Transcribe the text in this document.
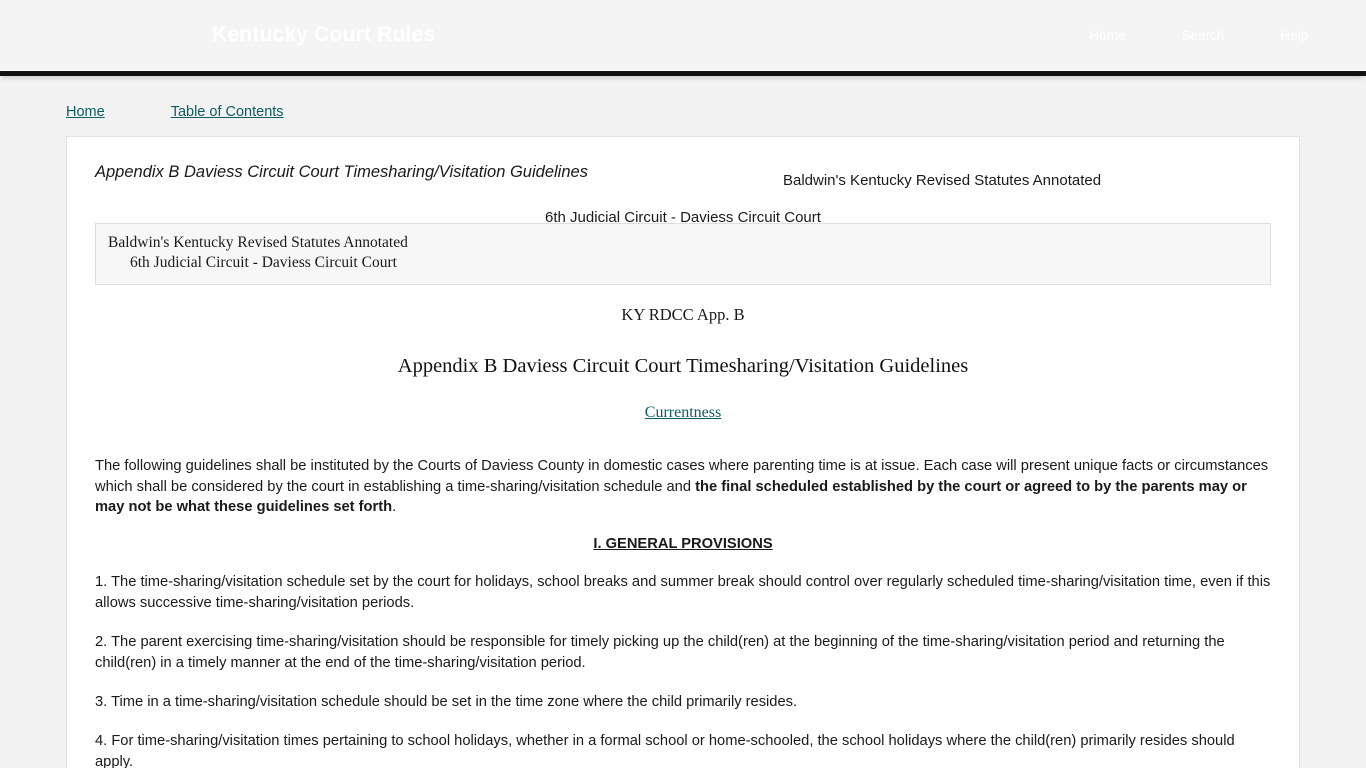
Kentucky Court Rules	Home	Search	Help
Home	Table of Contents
Appendix B Daviess Circuit Court Timesharing/Visitation Guidelines	Baldwin's Kentucky Revised Statutes Annotated
6th Judicial Circuit - Daviess Circuit Court
Baldwin's Kentucky Revised Statutes Annotated
6th Judicial Circuit - Daviess Circuit Court
KY RDCC App. B
Appendix B Daviess Circuit Court Timesharing/Visitation Guidelines
Currentness

The following guidelines shall be instituted by the Courts of Daviess County in domestic cases where parenting time is at issue. Each case will present unique facts or circumstances which shall be considered by the court in establishing a time-sharing/visitation schedule and the final scheduled established by the court or agreed to by the parents may or may not be what these guidelines set forth.

I. GENERAL PROVISIONS

1. The time-sharing/visitation schedule set by the court for holidays, school breaks and summer break should control over regularly scheduled time-sharing/visitation time, even if this allows successive time-sharing/visitation periods.

2. The parent exercising time-sharing/visitation should be responsible for timely picking up the child(ren) at the beginning of the time-sharing/visitation period and returning the child(ren) in a timely manner at the end of the time-sharing/visitation period.

3. Time in a time-sharing/visitation schedule should be set in the time zone where the child primarily resides.

4. For time-sharing/visitation times pertaining to school holidays, whether in a formal school or home-schooled, the school holidays where the child(ren) primarily resides should apply.
